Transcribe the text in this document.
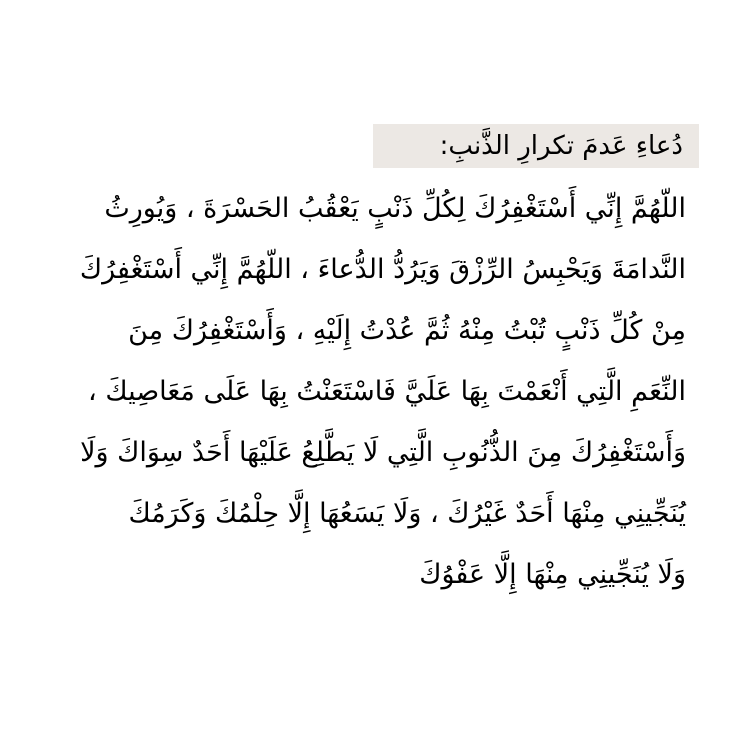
دُعاءِ عَدمَ تكرارِ الذَّنبِ:
اللّهُمَّ إِنِّي أَسْتَغْفِرُكَ لِكُلِّ ذَنْبٍ يَعْقُبُ الحَسْرَةَ ، وَيُورِثُ
النَّدامَةَ وَيَحْبِسُ الرِّزْقَ وَيَرُدُّ الدُّعاءَ ، اللّهُمَّ إِنِّي أَسْتَغْفِرُكَ
مِنْ كُلِّ ذَنْبٍ تُبْتُ مِنْهُ ثُمَّ عُدْتُ إِلَيْهِ ، وَأَسْتَغْفِرُكَ مِنَ
النِّعَمِ الَّتِي أَنْعَمْتَ بِهَا عَلَيَّ فَاسْتَعَنْتُ بِهَا عَلَى مَعَاصِيكَ ،
وَأَسْتَغْفِرُكَ مِنَ الذُّنُوبِ الَّتِي لَا يَطَّلِعُ عَلَيْهَا أَحَدٌ سِوَاكَ وَلَا
يُنَجِّينِي مِنْهَا أَحَدٌ غَيْرُكَ ، وَلَا يَسَعُهَا إِلَّا حِلْمُكَ وَكَرَمُكَ
وَلَا يُنَجِّينِي مِنْهَا إِلَّا عَفْوُكَ
